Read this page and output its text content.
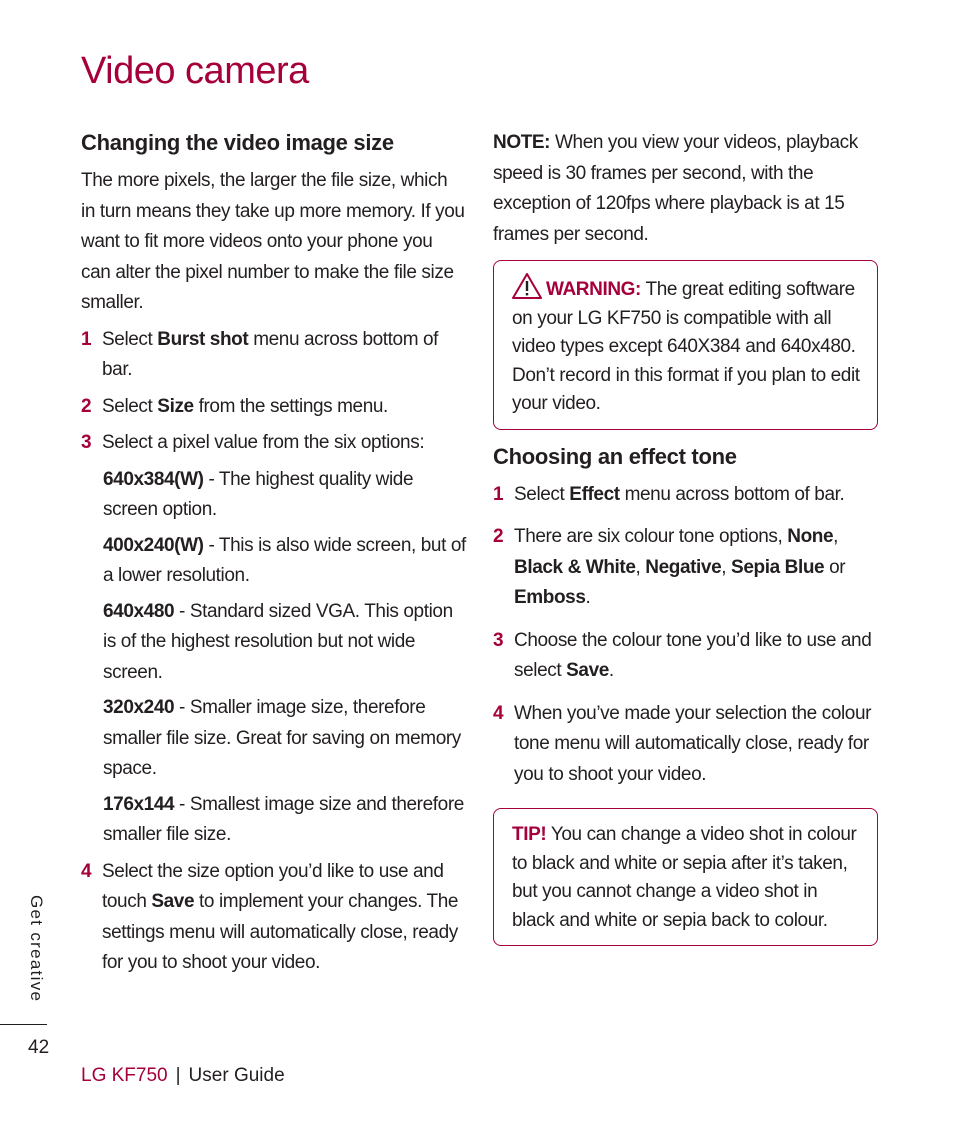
Video camera
Changing the video image size

The more pixels, the larger the file size, which in turn means they take up more memory. If you want to fit more videos onto your phone you can alter the pixel number to make the file size smaller.

1 Select Burst shot menu across bottom of bar.
2 Select Size from the settings menu.
3 Select a pixel value from the six options:
640x384(W) - The highest quality wide screen option.
400x240(W) - This is also wide screen, but of a lower resolution.
640x480 - Standard sized VGA. This option is of the highest resolution but not wide screen.
320x240 - Smaller image size, therefore smaller file size. Great for saving on memory space.
176x144 - Smallest image size and therefore smaller file size.
4 Select the size option you’d like to use and touch Save to implement your changes. The settings menu will automatically close, ready for you to shoot your video.

NOTE: When you view your videos, playback speed is 30 frames per second, with the exception of 120fps where playback is at 15 frames per second.

WARNING: The great editing software on your LG KF750 is compatible with all video types except 640X384 and 640x480. Don’t record in this format if you plan to edit your video.
Choosing an effect tone
1 Select Effect menu across bottom of bar.
2 There are six colour tone options, None, Black & White, Negative, Sepia Blue or Emboss.
3 Choose the colour tone you’d like to use and select Save.
4 When you’ve made your selection the colour tone menu will automatically close, ready for you to shoot your video.
TIP! You can change a video shot in colour to black and white or sepia after it’s taken, but you cannot change a video shot in black and white or sepia back to colour.
Get creative
42
LG KF750 | User Guide
